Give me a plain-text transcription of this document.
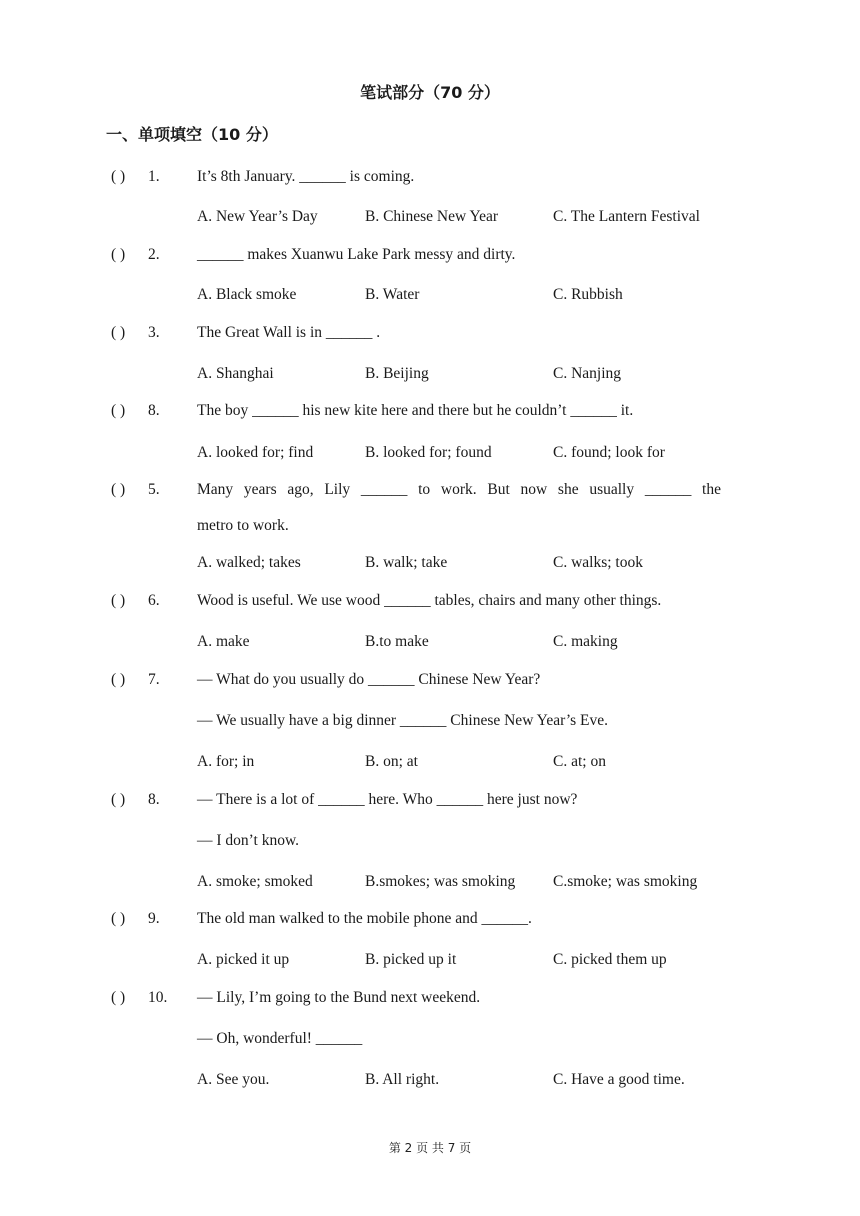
笔试部分（70 分）
一、单项填空（10 分）
( ) 1. It’s 8th January. ______ is coming.
A. New Year’s Day	B. Chinese New Year	C. The Lantern Festival
( ) 2. ______ makes Xuanwu Lake Park messy and dirty.
A. Black smoke	B. Water	C. Rubbish
( ) 3. The Great Wall is in ______ .
A. Shanghai	B. Beijing	C. Nanjing
( ) 8. The boy ______ his new kite here and there but he couldn’t ______ it.
A. looked for; find	B. looked for; found	C. found; look for
( ) 5. Many years ago, Lily ______ to work. But now she usually ______ the
metro to work.
A. walked; takes	B. walk; take	C. walks; took
( ) 6. Wood is useful. We use wood ______ tables, chairs and many other things.
A. make	B.to make	C. making
( ) 7. — What do you usually do ______ Chinese New Year?
— We usually have a big dinner ______ Chinese New Year’s Eve.
A. for; in	B. on; at	C. at; on
( ) 8. — There is a lot of ______ here. Who ______ here just now?
— I don’t know.
A. smoke; smoked	B.smokes; was smoking C.smoke; was smoking
( ) 9. The old man walked to the mobile phone and ______.
A. picked it up	B. picked up it	C. picked them up
( ) 10. — Lily, I’m going to the Bund next weekend.
— Oh, wonderful! ______
A. See you.	B. All right.	C. Have a good time.
第 2 页 共 7 页
